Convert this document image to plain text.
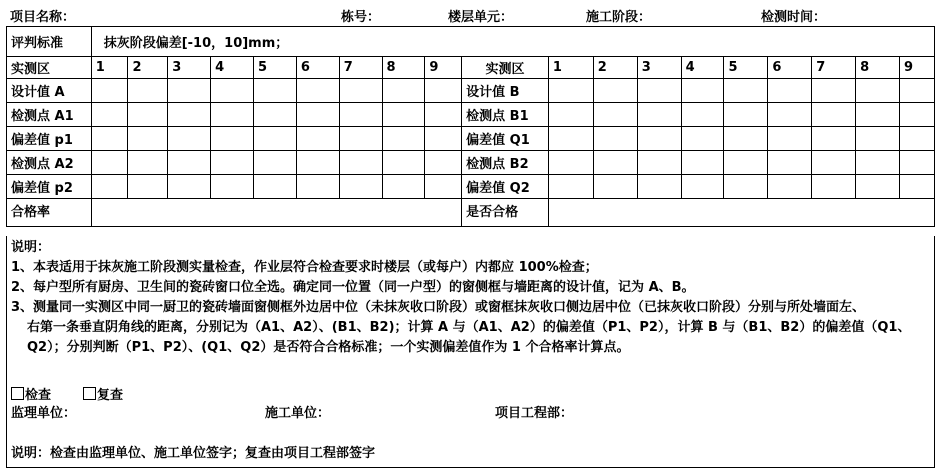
项目名称：	栋号：	楼层单元：	施工阶段：	检测时间：
评判标准	抹灰阶段偏差[-10，10]mm；																		
实测区	1	2	3	4	5	6	7	8	9	实测区	1	2	3	4	5	6	7	8	9
设计值 A										设计值 B									
检测点 A1										检测点 B1									
偏差值 p1										偏差值 Q1									
检测点 A2										检测点 B2									
偏差值 p2										偏差值 Q2									
合格率										是否合格									

说明：

1、本表适用于抹灰施工阶段测实量检查，作业层符合检查要求时楼层（或每户）内都应 100%检查；

2、每户型所有厨房、卫生间的瓷砖窗口位全选。确定同一位置（同一户型）的窗侧框与墙距离的设计值，记为 A、B。

3、测量同一实测区中同一厨卫的瓷砖墙面窗侧框外边居中位（未抹灰收口阶段）或窗框抹灰收口侧边居中位（已抹灰收口阶段）分别与所处墙面左、

右第一条垂直阴角线的距离，分别记为（A1、A2）、(B1、B2)；计算 A 与（A1、A2）的偏差值（P1、P2），计算 B 与（B1、B2）的偏差值（Q1、

Q2）；分别判断（P1、P2）、(Q1、Q2）是否符合合格标准；一个实测偏差值作为 1 个合格率计算点。

检查	复查

监理单位：	施工单位：	项目工程部：

说明：检查由监理单位、施工单位签字；复查由项目工程部签字
